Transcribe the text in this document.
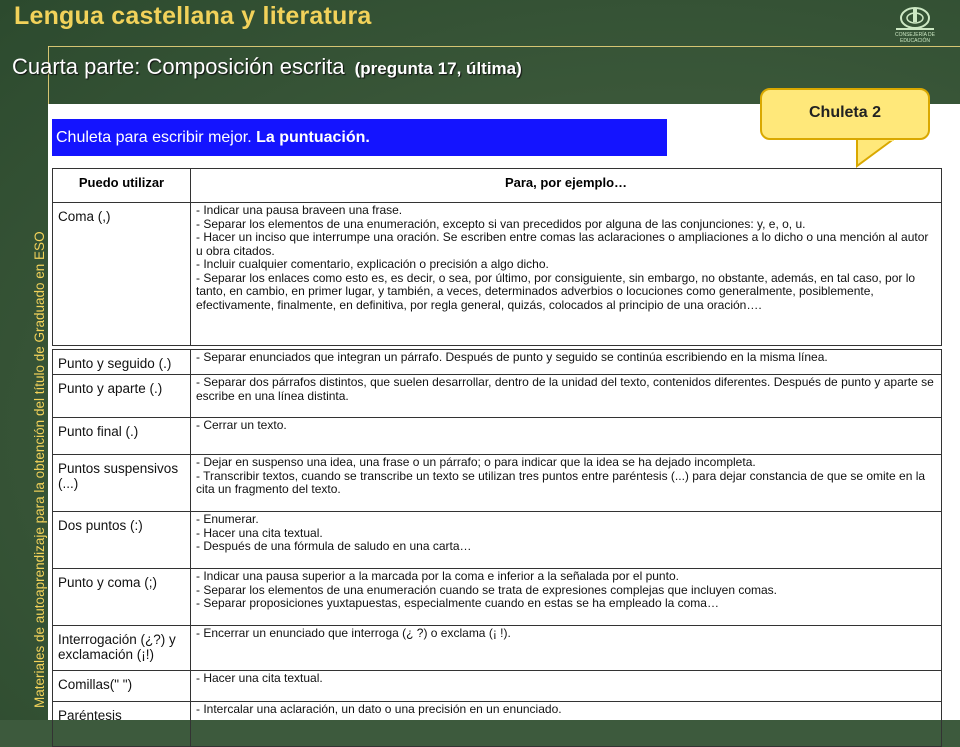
Lengua castellana y literatura
CONSEJERÍA DE EDUCACIÓN
Cuarta parte: Composición escrita (pregunta 17, última)
Chuleta para escribir mejor. La puntuación.
Chuleta 2
Puedo utilizar	Para, por ejemplo…
Coma (,)	- Indicar una pausa braveen una frase.
- Separar los elementos de una enumeración, excepto si van precedidos por alguna de las conjunciones: y, e, o, u.
- Hacer un inciso que interrumpe una oración. Se escriben entre comas las aclaraciones o ampliaciones a lo dicho o una mención al autor u obra citados.
- Incluir cualquier comentario, explicación o precisión a algo dicho.
- Separar los enlaces como esto es, es decir, o sea, por último, por consiguiente, sin embargo, no obstante, además, en tal caso, por lo tanto, en cambio, en primer lugar, y también, a veces, determinados adverbios o locuciones como generalmente, posiblemente, efectivamente, finalmente, en definitiva, por regla general, quizás, colocados al principio de una oración….

Punto y seguido (.)	- Separar enunciados que integran un párrafo. Después de punto y seguido se continúa escribiendo en la misma línea.

Punto y aparte (.)	- Separar dos párrafos distintos, que suelen desarrollar, dentro de la unidad del texto, contenidos diferentes. Después de punto y aparte se escribe en una línea distinta.

Punto final (.)	- Cerrar un texto.

Puntos suspensivos (...)	- Dejar en suspenso una idea, una frase o un párrafo; o para indicar que la idea se ha dejado incompleta.
- Transcribir textos, cuando se transcribe un texto se utilizan tres puntos entre paréntesis (...) para dejar constancia de que se omite en la cita un fragmento del texto.

Dos puntos (:)	- Enumerar.
- Hacer una cita textual.
- Después de una fórmula de saludo en una carta…

Punto y coma (;)	- Indicar una pausa superior a la marcada por la coma e inferior a la señalada por el punto.
- Separar los elementos de una enumeración cuando se trata de expresiones complejas que incluyen comas.
- Separar proposiciones yuxtapuestas, especialmente cuando en estas se ha empleado la coma…

Interrogación (¿?) y exclamación (¡!)	- Encerrar un enunciado que interroga (¿ ?) o exclama (¡ !).

Comillas(" ")	- Hacer una cita textual.

Paréntesis	- Intercalar una aclaración, un dato o una precisión en un enunciado.
Materiales de autoaprendizaje para la obtención del título de Graduado en ESO
